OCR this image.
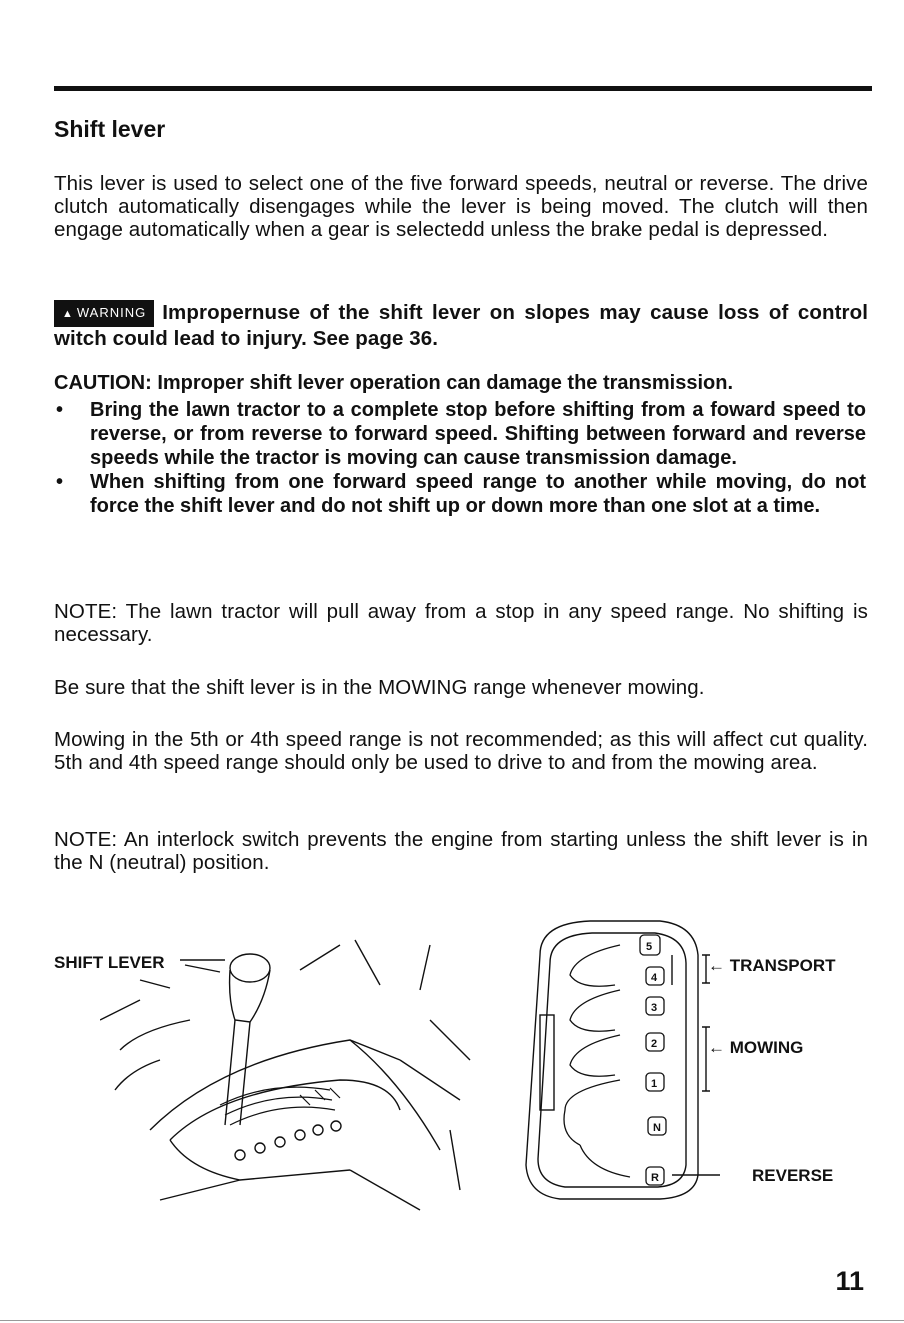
Shift lever

This lever is used to select one of the five forward speeds, neutral or reverse. The drive clutch automatically disengages while the lever is being moved. The clutch will then engage automatically when a gear is selectedd unless the brake pedal is depressed.

▲ WARNING Impropernuse of the shift lever on slopes may cause loss of control witch could lead to injury. See page 36.

CAUTION: Improper shift lever operation can damage the transmission.

• Bring the lawn tractor to a complete stop before shifting from a foward speed to reverse, or from reverse to forward speed. Shifting between forward and reverse speeds while the tractor is moving can cause transmission damage.
• When shifting from one forward speed range to another while moving, do not force the shift lever and do not shift up or down more than one slot at a time.

NOTE: The lawn tractor will pull away from a stop in any speed range. No shifting is necessary.

Be sure that the shift lever is in the MOWING range whenever mowing.

Mowing in the 5th or 4th speed range is not recommended; as this will affect cut quality. 5th and 4th speed range should only be used to drive to and from the mowing area.

NOTE: An interlock switch prevents the engine from starting unless the shift lever is in the N (neutral) position.

SHIFT LEVER
5
4
3
2
1
N
R
← TRANSPORT
← MOWING
REVERSE
11
